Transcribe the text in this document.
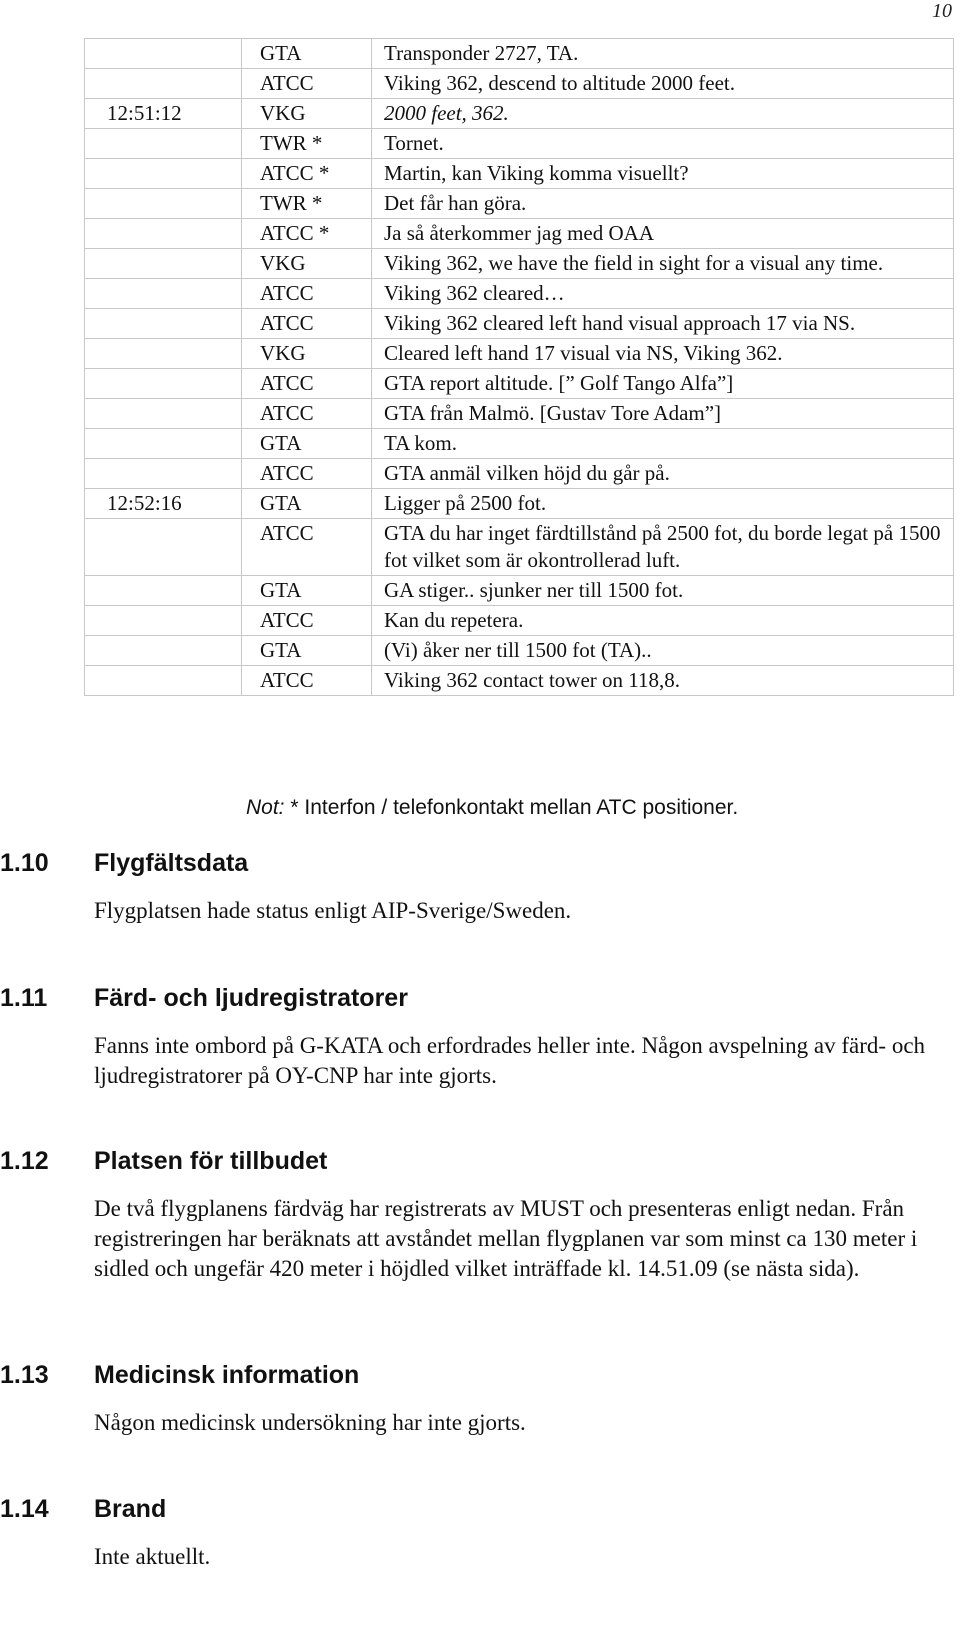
10
	GTA	Transponder 2727, TA.
	ATCC	Viking 362, descend to altitude 2000 feet.
12:51:12	VKG	2000 feet, 362.
	TWR *	Tornet.
	ATCC *	Martin, kan Viking komma visuellt?
	TWR *	Det får han göra.
	ATCC *	Ja så återkommer jag med OAA
	VKG	Viking 362, we have the field in sight for a visual any time.
	ATCC	Viking 362 cleared…
	ATCC	Viking 362 cleared left hand visual approach 17 via NS.
	VKG	Cleared left hand 17 visual via NS, Viking 362.
	ATCC	GTA report altitude. [” Golf Tango Alfa”]
	ATCC	GTA från Malmö. [Gustav Tore Adam”]
	GTA	TA kom.
	ATCC	GTA anmäl vilken höjd du går på.
12:52:16	GTA	Ligger på 2500 fot.
	ATCC	GTA du har inget färdtillstånd på 2500 fot, du borde legat på 1500 fot vilket som är okontrollerad luft.
	GTA	GA stiger.. sjunker ner till 1500 fot.
	ATCC	Kan du repetera.
	GTA	(Vi) åker ner till 1500 fot (TA)..
	ATCC	Viking 362 contact tower on 118,8.
Not: * Interfon / telefonkontakt mellan ATC positioner.
1.10 Flygfältsdata

Flygplatsen hade status enligt AIP-Sverige/Sweden.

1.11 Färd- och ljudregistratorer

Fanns inte ombord på G-KATA och erfordrades heller inte. Någon avspelning av färd- och ljudregistratorer på OY-CNP har inte gjorts.

1.12 Platsen för tillbudet

De två flygplanens färdväg har registrerats av MUST och presenteras enligt nedan. Från registreringen har beräknats att avståndet mellan flygplanen var som minst ca 130 meter i sidled och ungefär 420 meter i höjdled vilket inträffade kl. 14.51.09 (se nästa sida).

1.13 Medicinsk information

Någon medicinsk undersökning har inte gjorts.

1.14 Brand

Inte aktuellt.
